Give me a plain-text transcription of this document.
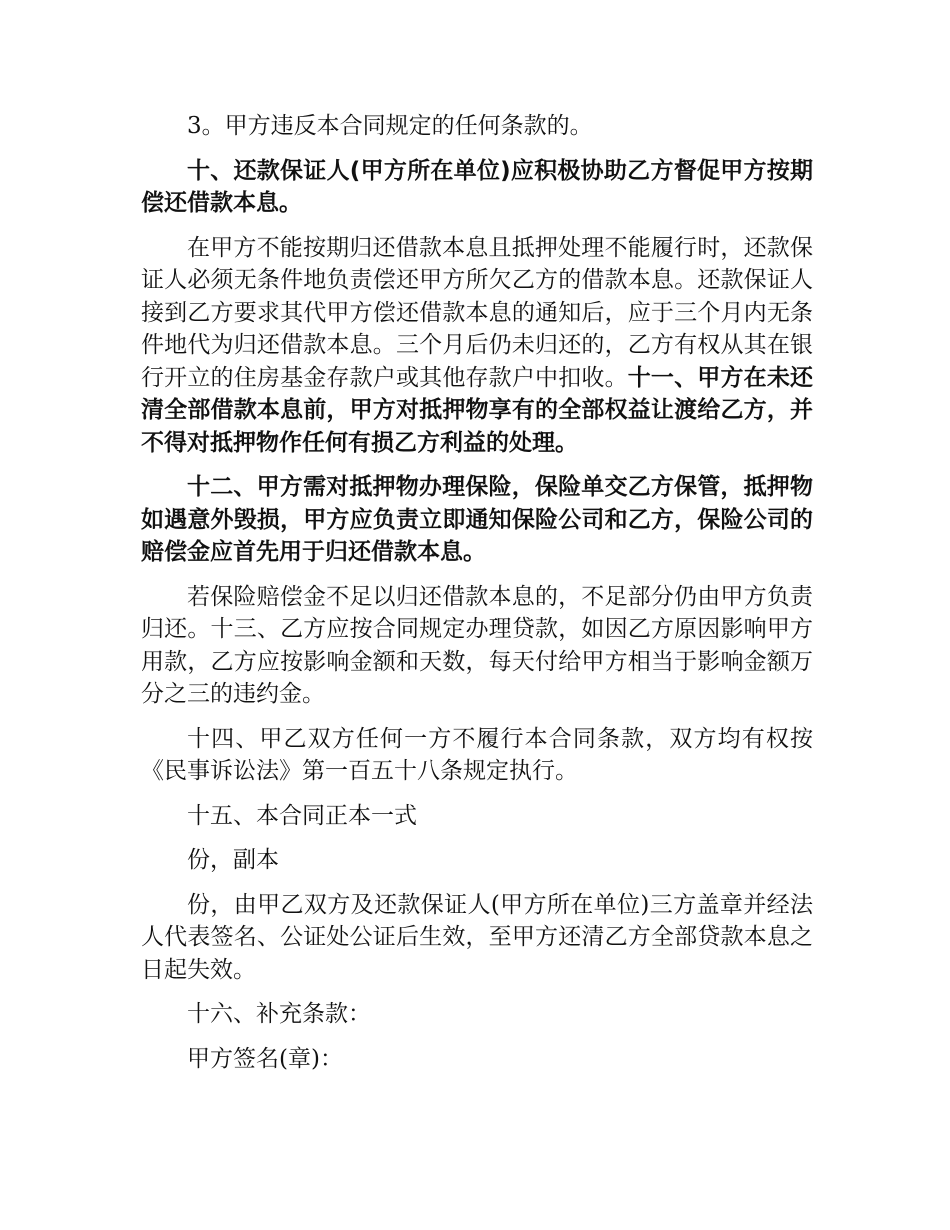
3。甲方违反本合同规定的任何条款的。

十、还款保证人(甲方所在单位)应积极协助乙方督促甲方按期偿还借款本息。

在甲方不能按期归还借款本息且抵押处理不能履行时，还款保证人必须无条件地负责偿还甲方所欠乙方的借款本息。还款保证人接到乙方要求其代甲方偿还借款本息的通知后，应于三个月内无条件地代为归还借款本息。三个月后仍未归还的，乙方有权从其在银行开立的住房基金存款户或其他存款户中扣收。十一、甲方在未还清全部借款本息前，甲方对抵押物享有的全部权益让渡给乙方，并不得对抵押物作任何有损乙方利益的处理。

十二、甲方需对抵押物办理保险，保险单交乙方保管，抵押物如遇意外毁损，甲方应负责立即通知保险公司和乙方，保险公司的赔偿金应首先用于归还借款本息。

若保险赔偿金不足以归还借款本息的，不足部分仍由甲方负责归还。十三、乙方应按合同规定办理贷款，如因乙方原因影响甲方用款，乙方应按影响金额和天数，每天付给甲方相当于影响金额万分之三的违约金。

十四、甲乙双方任何一方不履行本合同条款，双方均有权按《民事诉讼法》第一百五十八条规定执行。

十五、本合同正本一式

份，副本

份，由甲乙双方及还款保证人(甲方所在单位)三方盖章并经法人代表签名、公证处公证后生效，至甲方还清乙方全部贷款本息之日起失效。

十六、补充条款：

甲方签名(章)：
